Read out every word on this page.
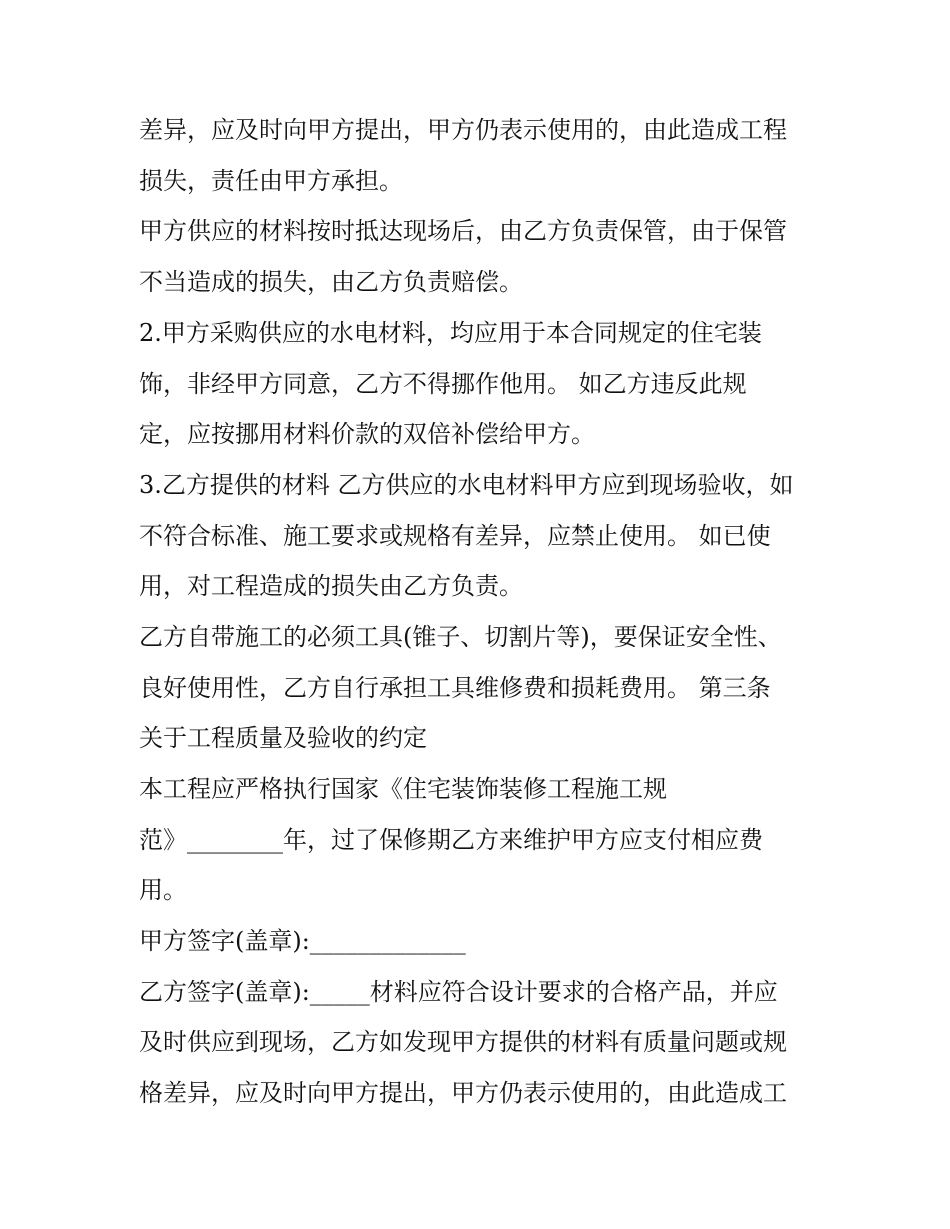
差异，应及时向甲方提出，甲方仍表示使用的，由此造成工程
损失，责任由甲方承担。
甲方供应的材料按时抵达现场后，由乙方负责保管，由于保管
不当造成的损失，由乙方负责赔偿。
2.甲方采购供应的水电材料，均应用于本合同规定的住宅装
饰，非经甲方同意，乙方不得挪作他用。 如乙方违反此规
定，应按挪用材料价款的双倍补偿给甲方。
3.乙方提供的材料 乙方供应的水电材料甲方应到现场验收，如
不符合标准、施工要求或规格有差异，应禁止使用。 如已使
用，对工程造成的损失由乙方负责。
乙方自带施工的必须工具(锥子、切割片等)，要保证安全性、
良好使用性，乙方自行承担工具维修费和损耗费用。 第三条
关于工程质量及验收的约定
本工程应严格执行国家《住宅装饰装修工程施工规
范》________年，过了保修期乙方来维护甲方应支付相应费
用。
甲方签字(盖章):_____________
乙方签字(盖章):_____材料应符合设计要求的合格产品，并应
及时供应到现场，乙方如发现甲方提供的材料有质量问题或规
格差异，应及时向甲方提出，甲方仍表示使用的，由此造成工
